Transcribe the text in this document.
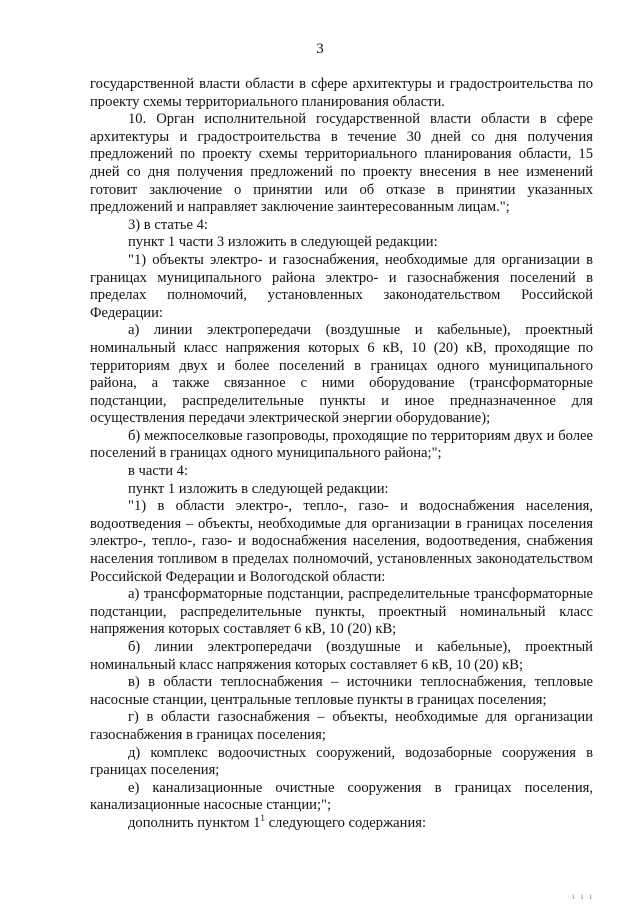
3

государственной власти области в сфере архитектуры и градостроительства по проекту схемы территориального планирования области.

10. Орган исполнительной государственной власти области в сфере архитектуры и градостроительства в течение 30 дней со дня получения предложений по проекту схемы территориального планирования области, 15 дней со дня получения предложений по проекту внесения в нее изменений готовит заключение о принятии или об отказе в принятии указанных предложений и направляет заключение заинтересованным лицам.";

3) в статье 4:

пункт 1 части 3 изложить в следующей редакции:

"1) объекты электро- и газоснабжения, необходимые для организации в границах муниципального района электро- и газоснабжения поселений в пределах полномочий, установленных законодательством Российской Федерации:

а) линии электропередачи (воздушные и кабельные), проектный номинальный класс напряжения которых 6 кВ, 10 (20) кВ, проходящие по территориям двух и более поселений в границах одного муниципального района, а также связанное с ними оборудование (трансформаторные подстанции, распределительные пункты и иное предназначенное для осуществления передачи электрической энергии оборудование);

б) межпоселковые газопроводы, проходящие по территориям двух и более поселений в границах одного муниципального района;";

в части 4:

пункт 1 изложить в следующей редакции:

"1) в области электро-, тепло-, газо- и водоснабжения населения, водоотведения – объекты, необходимые для организации в границах поселения электро-, тепло-, газо- и водоснабжения населения, водоотведения, снабжения населения топливом в пределах полномочий, установленных законодательством Российской Федерации и Вологодской области:

а) трансформаторные подстанции, распределительные трансформаторные подстанции, распределительные пункты, проектный номинальный класс напряжения которых составляет 6 кВ, 10 (20) кВ;

б) линии электропередачи (воздушные и кабельные), проектный номинальный класс напряжения которых составляет 6 кВ, 10 (20) кВ;

в) в области теплоснабжения – источники теплоснабжения, тепловые насосные станции, центральные тепловые пункты в границах поселения;

г) в области газоснабжения – объекты, необходимые для организации газоснабжения в границах поселения;

д) комплекс водоочистных сооружений, водозаборные сооружения в границах поселения;

е) канализационные очистные сооружения в границах поселения, канализационные насосные станции;";

дополнить пунктом $1^1$ следующего содержания:

ı ı ı
